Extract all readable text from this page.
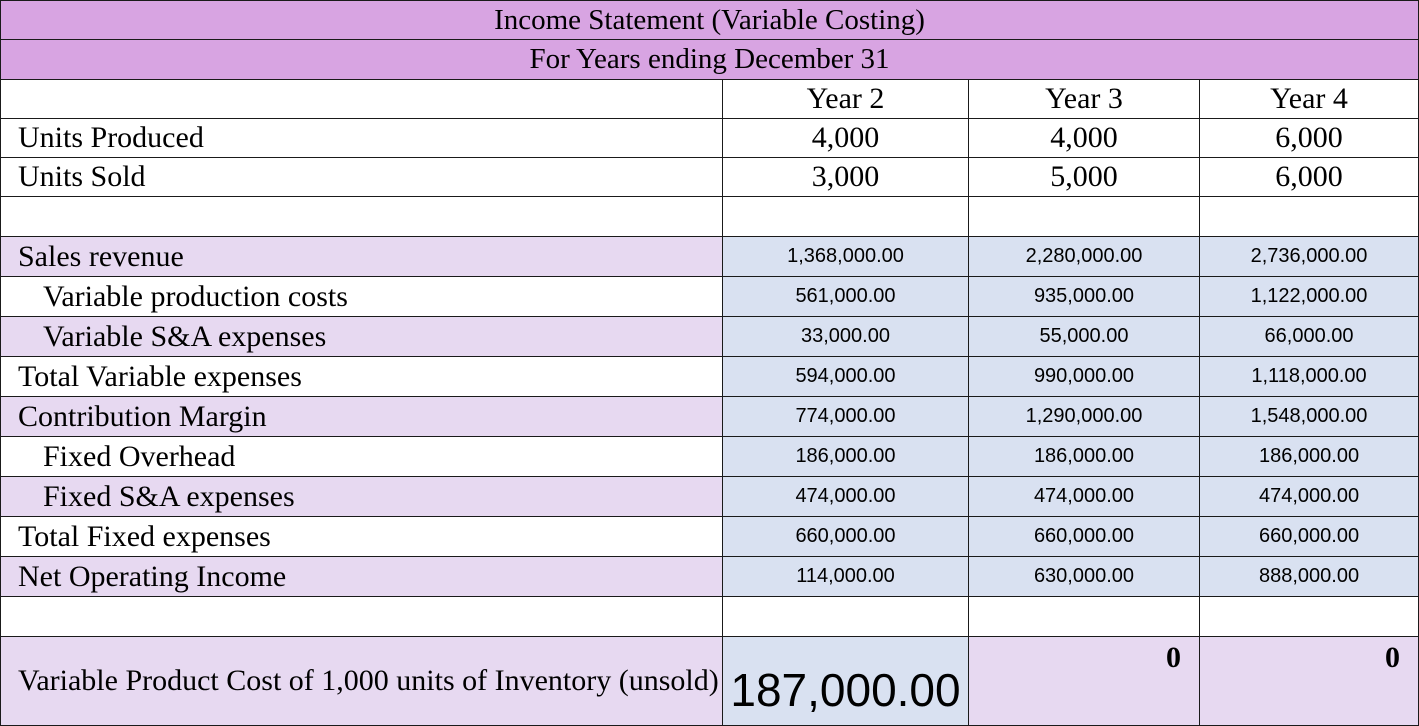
Income Statement (Variable Costing)			
For Years ending December 31			
	Year 2	Year 3	Year 4
Units Produced	4,000	4,000	6,000
Units Sold	3,000	5,000	6,000

Sales revenue	1,368,000.00	2,280,000.00	2,736,000.00
Variable production costs	561,000.00	935,000.00	1,122,000.00
Variable S&A expenses	33,000.00	55,000.00	66,000.00
Total Variable expenses	594,000.00	990,000.00	1,118,000.00
Contribution Margin	774,000.00	1,290,000.00	1,548,000.00
Fixed Overhead	186,000.00	186,000.00	186,000.00
Fixed S&A expenses	474,000.00	474,000.00	474,000.00
Total Fixed expenses	660,000.00	660,000.00	660,000.00
Net Operating Income	114,000.00	630,000.00	888,000.00

Variable Product Cost of 1,000 units of Inventory (unsold)	187,000.00	0	0
